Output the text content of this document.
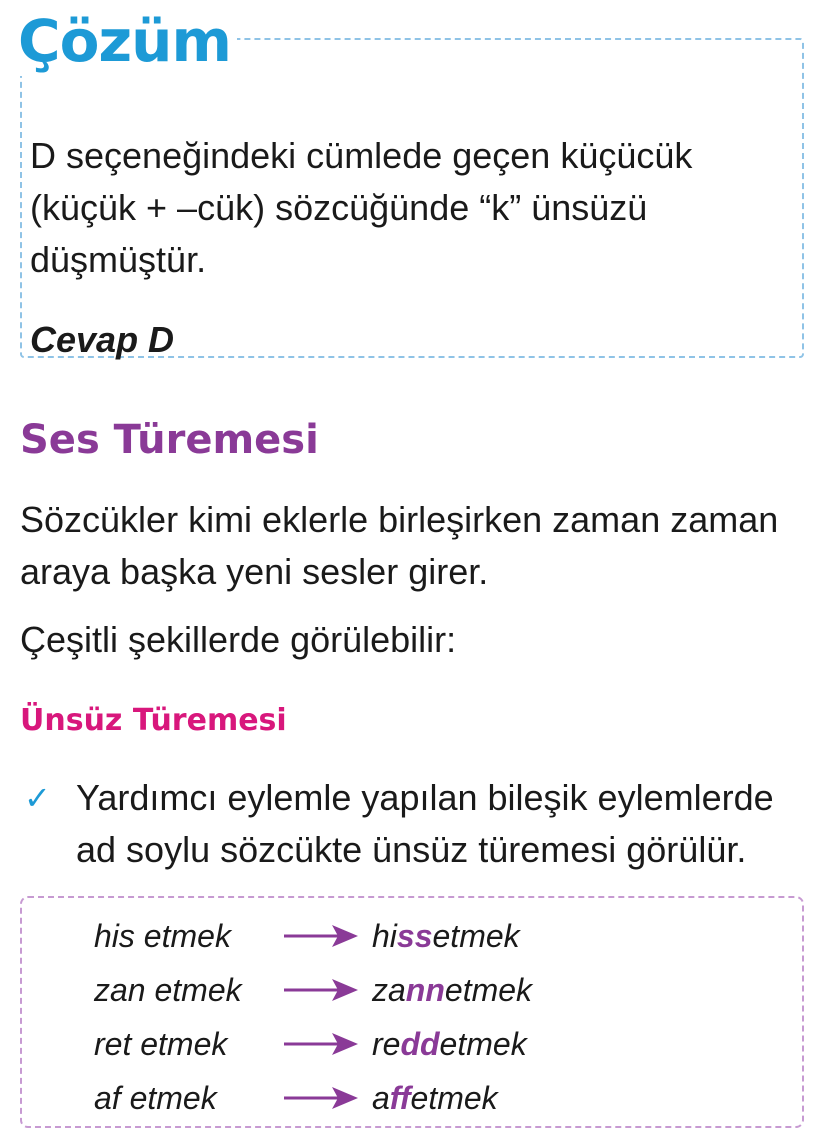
Çözüm

D seçeneğindeki cümlede geçen küçücük (küçük + –cük) sözcüğünde “k” ünsüzü düşmüştür.

Cevap D

Ses Türemesi

Sözcükler kimi eklerle birleşirken zaman zaman araya başka yeni sesler girer.

Çeşitli şekillerde görülebilir:

Ünsüz Türemesi
✓ Yardımcı eylemle yapılan bileşik eylemlerde ad soylu sözcükte ünsüz türemesi görülür.

his etmek	hissetmek
zan etmek	zannetmek
ret etmek	reddetmek
af etmek	affetmek
